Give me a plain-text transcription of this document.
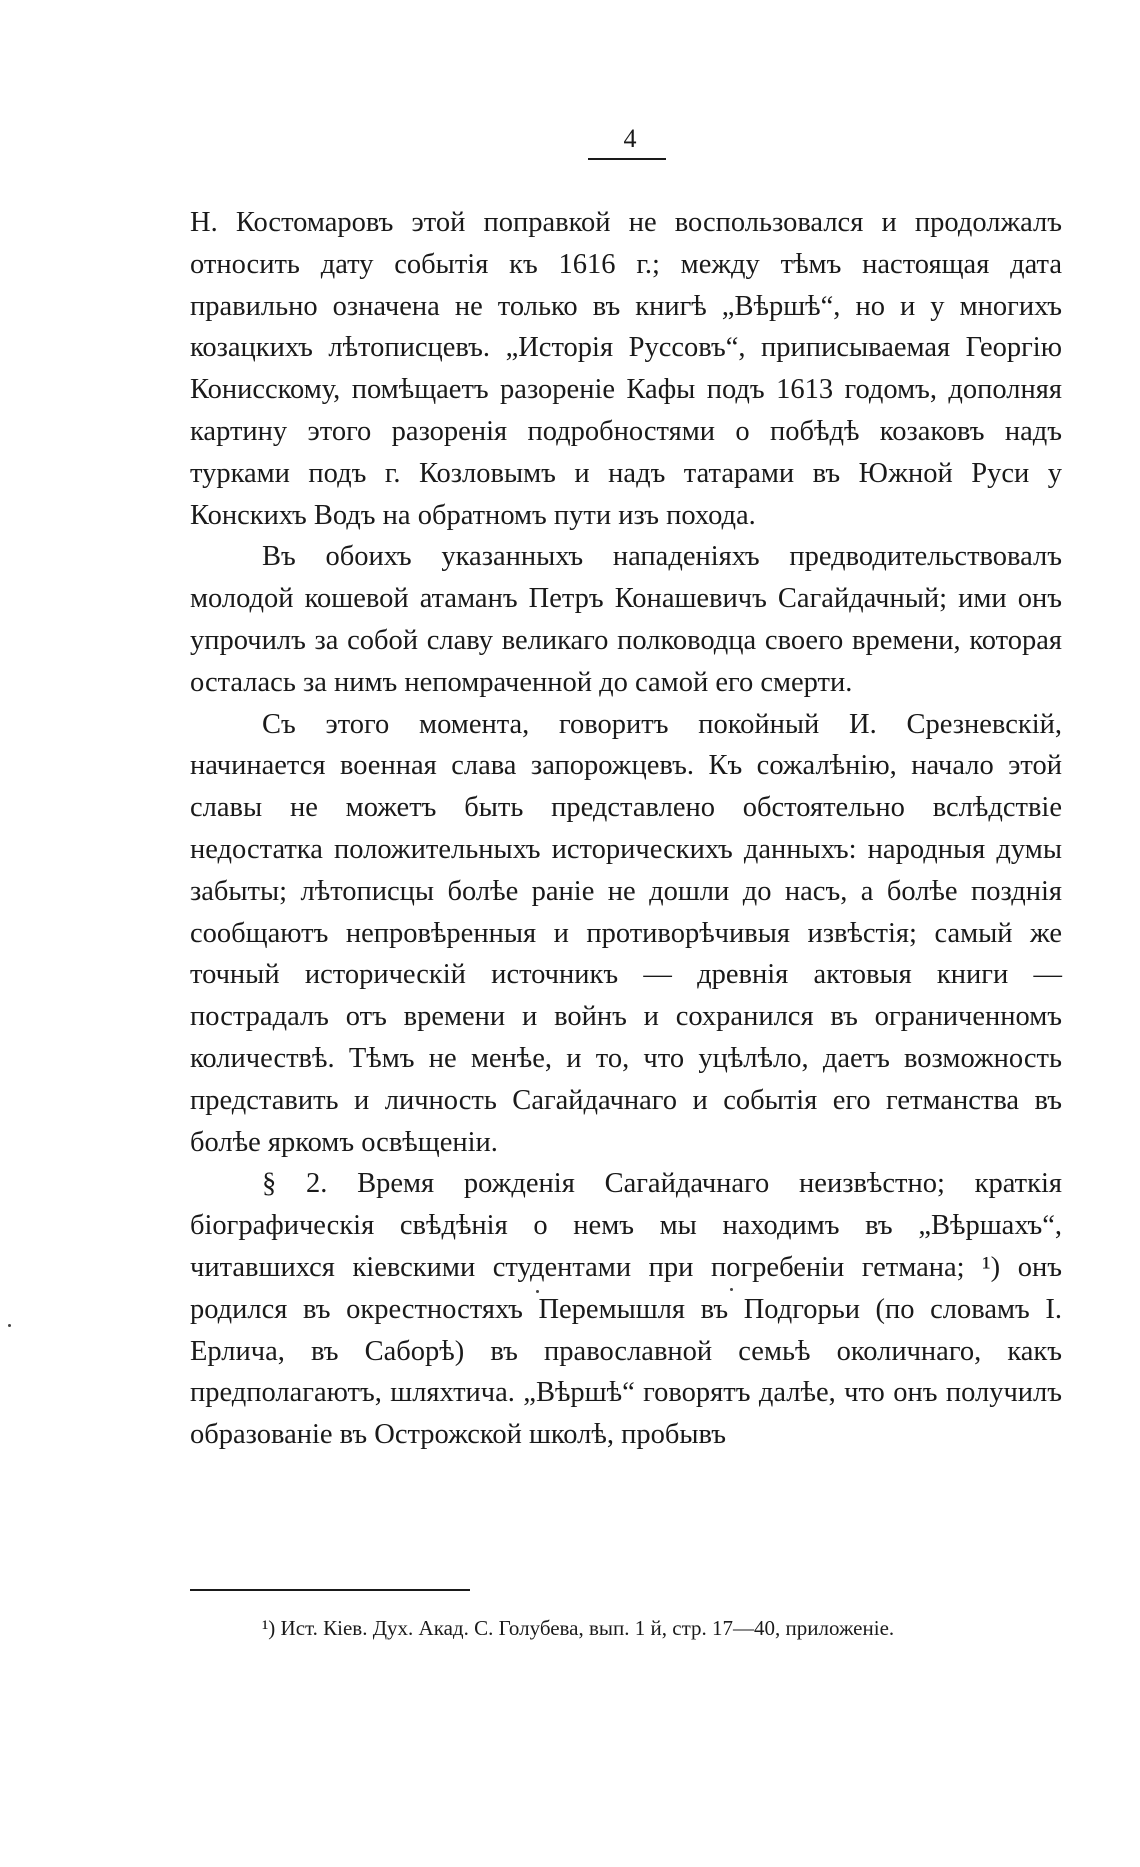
4

Н. Костомаровъ этой поправкой не воспользовался и продолжалъ относить дату событія къ 1616 г.; между тѣмъ настоящая дата правильно означена не только въ книгѣ „Вѣршѣ“, но и у многихъ козацкихъ лѣтописцевъ. „Исторія Руссовъ“, приписываемая Георгію Конисскому, помѣщаетъ разореніе Кафы подъ 1613 годомъ, дополняя картину этого разоренія подробностями о побѣдѣ козаковъ надъ турками подъ г. Козловымъ и надъ татарами въ Южной Руси у Конскихъ Водъ на обратномъ пути изъ похода.

Въ обоихъ указанныхъ нападеніяхъ предводительствовалъ молодой кошевой атаманъ Петръ Конашевичъ Сагайдачный; ими онъ упрочилъ за собой славу великаго полководца своего времени, которая осталась за нимъ непомраченной до самой его смерти.

Съ этого момента, говоритъ покойный И. Срезневскій, начинается военная слава запорожцевъ. Къ сожалѣнію, начало этой славы не можетъ быть представлено обстоятельно вслѣдствіе недостатка положительныхъ историческихъ данныхъ: народныя думы забыты; лѣтописцы болѣе раніе не дошли до насъ, а болѣе позднія сообщаютъ непровѣренныя и противорѣчивыя извѣстія; самый же точный историческій источникъ — древнія актовыя книги — пострадалъ отъ времени и войнъ и сохранился въ ограниченномъ количествѣ. Тѣмъ не менѣе, и то, что уцѣлѣло, даетъ возможность представить и личность Сагайдачнаго и событія его гетманства въ болѣе яркомъ освѣщеніи.

§ 2. Время рожденія Сагайдачнаго неизвѣстно; краткія біографическія свѣдѣнія о немъ мы находимъ въ „Вѣршахъ“, читавшихся кіевскими студентами при погребеніи гетмана; ¹) онъ родился въ окрестностяхъ Перемышля въ Подгорьи (по словамъ І. Ерлича, въ Саборѣ) въ православной семьѣ околичнаго, какъ предполагаютъ, шляхтича. „Вѣршѣ“ говорятъ далѣе, что онъ получилъ образованіе въ Острожской школѣ, пробывъ

¹) Ист. Кіев. Дух. Акад. С. Голубева, вып. 1 й, стр. 17—40, приложеніе.
